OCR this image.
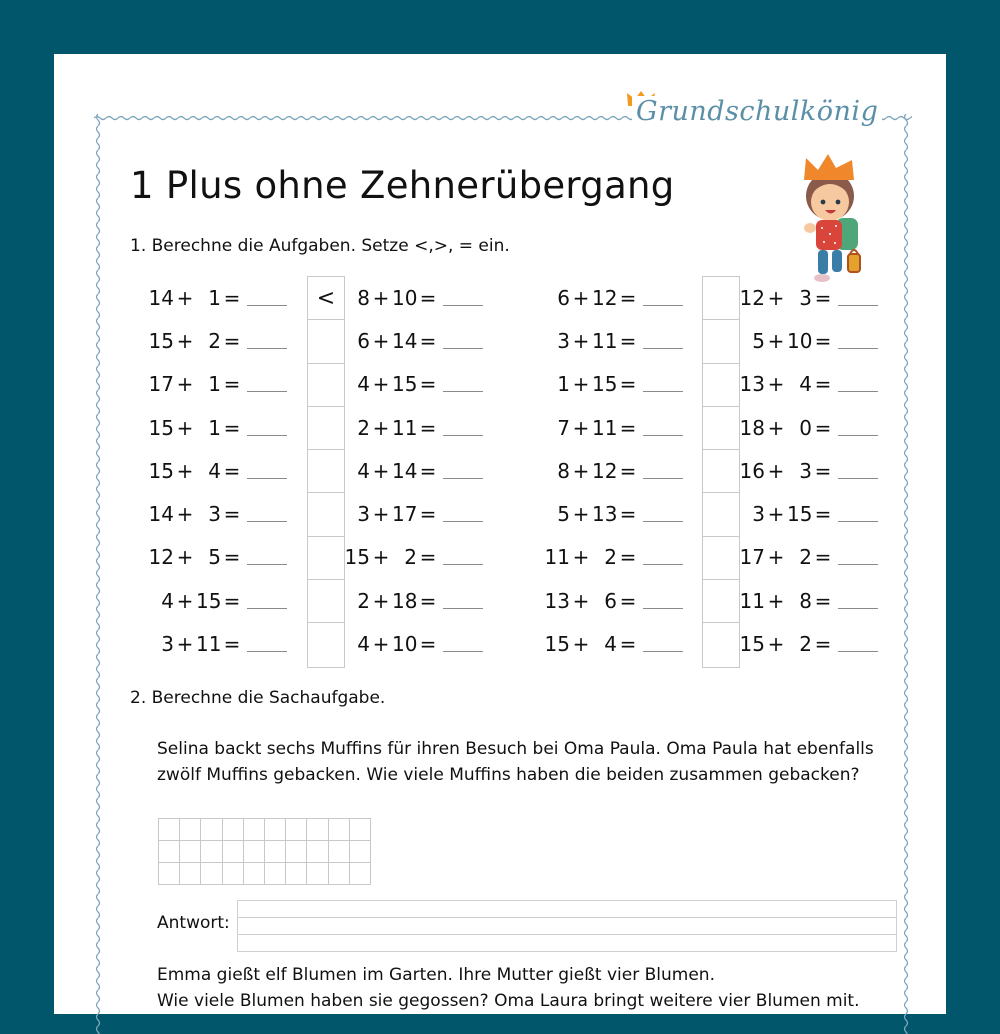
Grundschulkönig
1 Plus ohne Zehnerübergang
1. Berechne die Aufgaben. Setze <,>, = ein.
14 + 1 =
15 + 2 =
17 + 1 =
15 + 1 =
15 + 4 =
14 + 3 =
12 + 5 =
4 + 15 =
3 + 11 =
<	8 + 10 =
6 + 14 =
4 + 15 =
2 + 11 =
4 + 14 =
3 + 17 =
15 + 2 =
2 + 18 =
4 + 10 =
6 + 12 =
3 + 11 =
1 + 15 =
7 + 11 =
8 + 12 =
5 + 13 =
11 + 2 =
13 + 6 =
15 + 4 =
12 + 3 =
5 + 10 =
13 + 4 =
18 + 0 =
16 + 3 =
3 + 15 =
17 + 2 =
11 + 8 =
15 + 2 =
2. Berechne die Sachaufgabe.

Selina backt sechs Muffins für ihren Besuch bei Oma Paula. Oma Paula hat ebenfalls zwölf Muffins gebacken. Wie viele Muffins haben die beiden zusammen gebacken?

Antwort:
Emma gießt elf Blumen im Garten. Ihre Mutter gießt vier Blumen.
Wie viele Blumen haben sie gegossen? Oma Laura bringt weitere vier Blumen mit.
